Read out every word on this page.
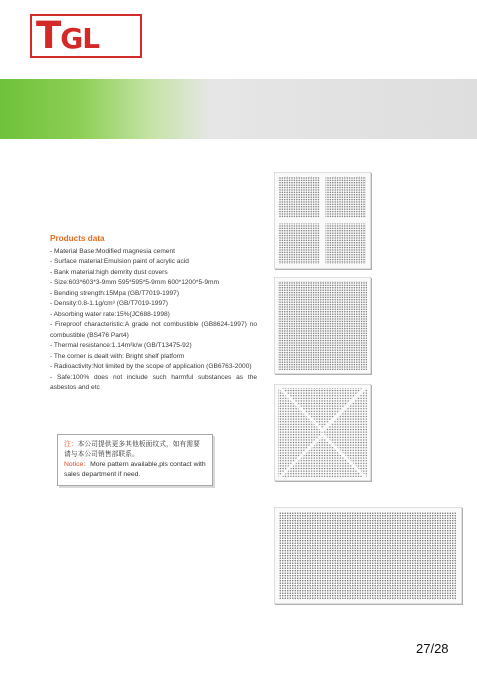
TGL
Products data

- Material Base:Modified magnesia cement

- Surface material:Emulsion paint of acrylic acid

- Bank material:high demrity dust covers

- Size:603*603*3-9mm 595*595*5-9mm 600*1200*5-9mm

- Bending strength:15Mpa (GB/T7019-1997)

- Density:0.8-1.1g/cm³ (GB/T7019-1997)

- Absorbing water rate:15%(JC688-1998)

- Fireproof characteristic:A grade not combustible (GB8624-1997) no combustible (BS476 Part4)

- Thermal resistance:1.14m²k/w (GB/T13475-92)

- The corner is dealt with: Bright shelf platform

- Radioactivity:Not limited by the scope of application (GB6763-2000)

- Safe:100% does not include such harmful substances as the asbestos and etc

注：本公司提供更多其他板面纹式，如有需要请与本公司销售部联系。
Notice：More pattern available,pls contact with sales department if need.
27/28
